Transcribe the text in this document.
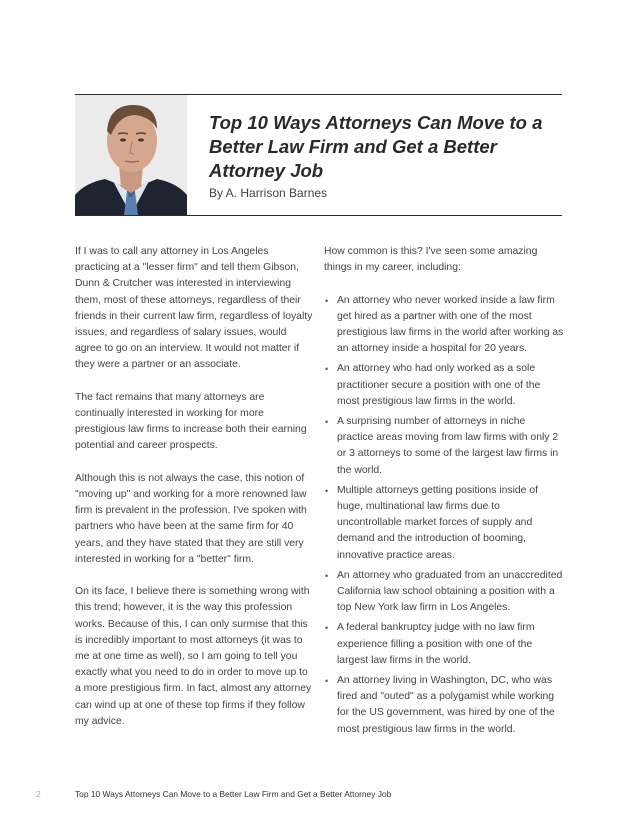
Top 10 Ways Attorneys Can Move to a Better Law Firm and Get a Better Attorney Job

By A. Harrison Barnes

If I was to call any attorney in Los Angeles practicing at a "lesser firm" and tell them Gibson, Dunn & Crutcher was interested in interviewing them, most of these attorneys, regardless of their friends in their current law firm, regardless of loyalty issues, and regardless of salary issues, would agree to go on an interview. It would not matter if they were a partner or an associate.

The fact remains that many attorneys are continually interested in working for more prestigious law firms to increase both their earning potential and career prospects.

Although this is not always the case, this notion of "moving up" and working for a more renowned law firm is prevalent in the profession. I've spoken with partners who have been at the same firm for 40 years, and they have stated that they are still very interested in working for a "better" firm.

On its face, I believe there is something wrong with this trend; however, it is the way this profession works. Because of this, I can only surmise that this is incredibly important to most attorneys (it was to me at one time as well), so I am going to tell you exactly what you need to do in order to move up to a more prestigious firm. In fact, almost any attorney can wind up at one of these top firms if they follow my advice.

How common is this? I've seen some amazing things in my career, including:

• An attorney who never worked inside a law firm get hired as a partner with one of the most prestigious law firms in the world after working as an attorney inside a hospital for 20 years.
• An attorney who had only worked as a sole practitioner secure a position with one of the most prestigious law firms in the world.
• A surprising number of attorneys in niche practice areas moving from law firms with only 2 or 3 attorneys to some of the largest law firms in the world.
• Multiple attorneys getting positions inside of huge, multinational law firms due to uncontrollable market forces of supply and demand and the introduction of booming, innovative practice areas.
• An attorney who graduated from an unaccredited California law school obtaining a position with a top New York law firm in Los Angeles.
• A federal bankruptcy judge with no law firm experience filling a position with one of the largest law firms in the world.
• An attorney living in Washington, DC, who was fired and "outed" as a polygamist while working for the US government, was hired by one of the most prestigious law firms in the world.
2	Top 10 Ways Attorneys Can Move to a Better Law Firm and Get a Better Attorney Job
